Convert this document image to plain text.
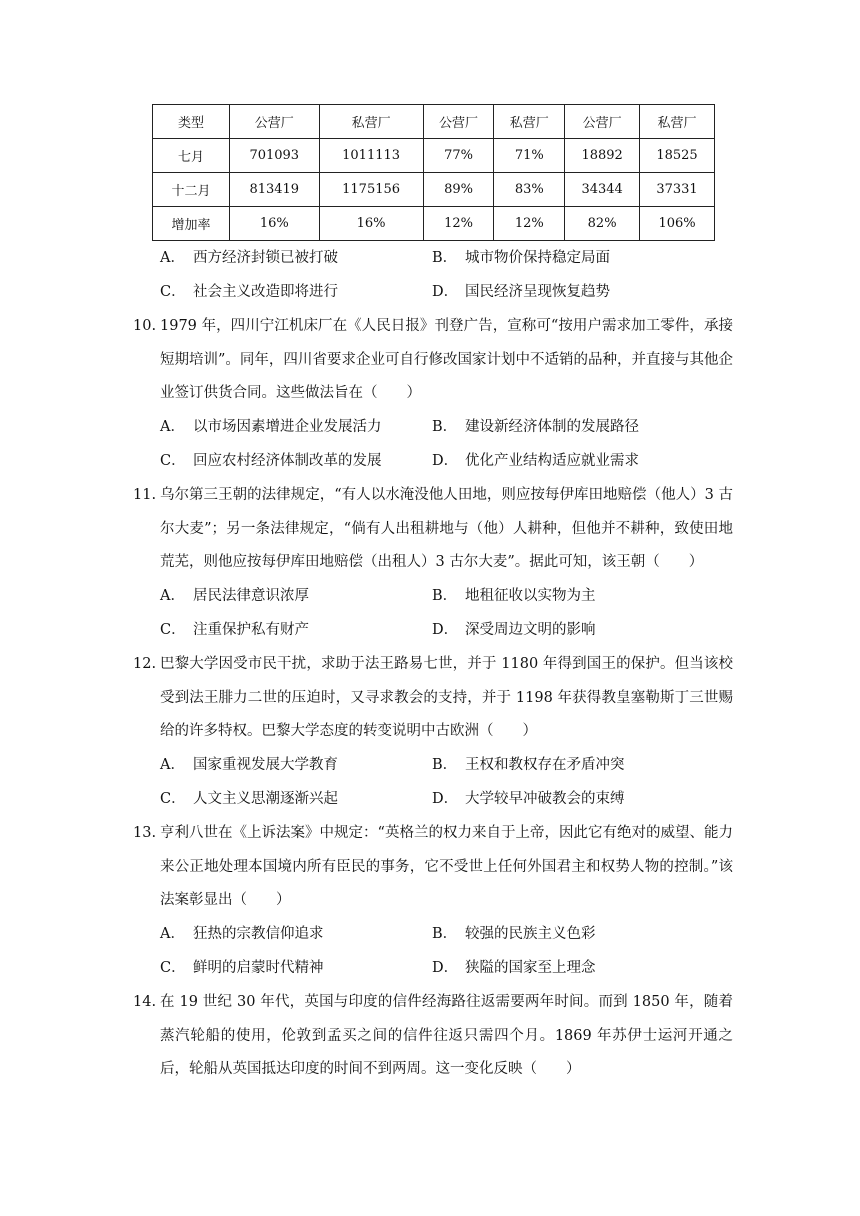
类型	公营厂	私营厂	公营厂	私营厂	公营厂	私营厂
七月	701093	1011113	77%	71%	18892	18525
十二月	813419	1175156	89%	83%	34344	37331
增加率	16%	16%	12%	12%	82%	106%
A． 西方经济封锁已被打破	B． 城市物价保持稳定局面
C． 社会主义改造即将进行	D． 国民经济呈现恢复趋势
10. 1979 年，四川宁江机床厂在《人民日报》刊登广告，宣称可“按用户需求加工零件，承接短期培训”。同年，四川省要求企业可自行修改国家计划中不适销的品种，并直接与其他企业签订供货合同。这些做法旨在（　　）
A． 以市场因素增进企业发展活力	B． 建设新经济体制的发展路径
C． 回应农村经济体制改革的发展	D． 优化产业结构适应就业需求
11. 乌尔第三王朝的法律规定，“有人以水淹没他人田地，则应按每伊库田地赔偿（他人）3 古尔大麦”；另一条法律规定，“倘有人出租耕地与（他）人耕种，但他并不耕种，致使田地荒芜，则他应按每伊库田地赔偿（出租人）3 古尔大麦”。据此可知，该王朝（　　）
A． 居民法律意识浓厚	B． 地租征收以实物为主
C． 注重保护私有财产	D． 深受周边文明的影响
12. 巴黎大学因受市民干扰，求助于法王路易七世，并于 1180 年得到国王的保护。但当该校受到法王腓力二世的压迫时，又寻求教会的支持，并于 1198 年获得教皇塞勒斯丁三世赐给的许多特权。巴黎大学态度的转变说明中古欧洲（　　）
A． 国家重视发展大学教育	B． 王权和教权存在矛盾冲突
C． 人文主义思潮逐渐兴起	D． 大学较早冲破教会的束缚
13. 亨利八世在《上诉法案》中规定：“英格兰的权力来自于上帝，因此它有绝对的威望、能力来公正地处理本国境内所有臣民的事务，它不受世上任何外国君主和权势人物的控制。”该法案彰显出（　　）
A． 狂热的宗教信仰追求	B． 较强的民族主义色彩
C． 鲜明的启蒙时代精神	D． 狭隘的国家至上理念
14. 在 19 世纪 30 年代，英国与印度的信件经海路往返需要两年时间。而到 1850 年，随着蒸汽轮船的使用，伦敦到孟买之间的信件往返只需四个月。1869 年苏伊士运河开通之后，轮船从英国抵达印度的时间不到两周。这一变化反映（　　）
